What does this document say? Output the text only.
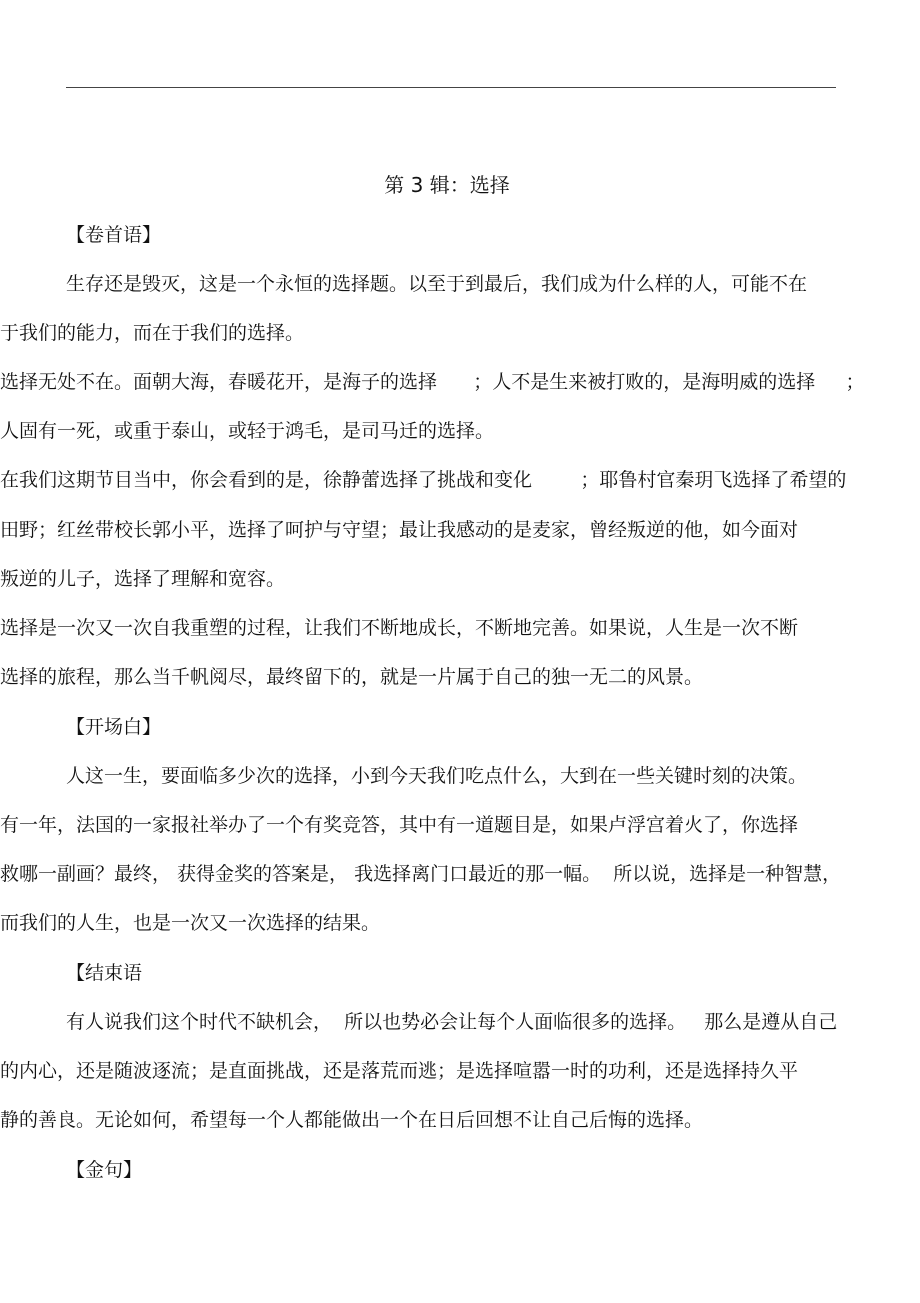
第 3 辑：选择
【卷首语】
生存还是毁灭，这是一个永恒的选择题。以至于到最后，我们成为什么样的人，可能不在
于我们的能力，而在于我们的选择。
选择无处不在。面朝大海，春暖花开，是海子的选择      ；人不是生来被打败的，是海明威的选择     ；
人固有一死，或重于泰山，或轻于鸿毛，是司马迁的选择。
在我们这期节目当中，你会看到的是，徐静蕾选择了挑战和变化        ；耶鲁村官秦玥飞选择了希望的
田野；红丝带校长郭小平，选择了呵护与守望；最让我感动的是麦家，曾经叛逆的他，如今面对
叛逆的儿子，选择了理解和宽容。
选择是一次又一次自我重塑的过程，让我们不断地成长，不断地完善。如果说，人生是一次不断
选择的旅程，那么当千帆阅尽，最终留下的，就是一片属于自己的独一无二的风景。
【开场白】
人这一生，要面临多少次的选择，小到今天我们吃点什么，大到在一些关键时刻的决策。
有一年，法国的一家报社举办了一个有奖竞答，其中有一道题目是，如果卢浮宫着火了，你选择
救哪一副画？最终， 获得金奖的答案是， 我选择离门口最近的那一幅。  所以说，选择是一种智慧，
而我们的人生，也是一次又一次选择的结果。
【结束语
有人说我们这个时代不缺机会，  所以也势必会让每个人面临很多的选择。   那么是遵从自己
的内心，还是随波逐流；是直面挑战，还是落荒而逃；是选择喧嚣一时的功利，还是选择持久平
静的善良。无论如何，希望每一个人都能做出一个在日后回想不让自己后悔的选择。
【金句】
